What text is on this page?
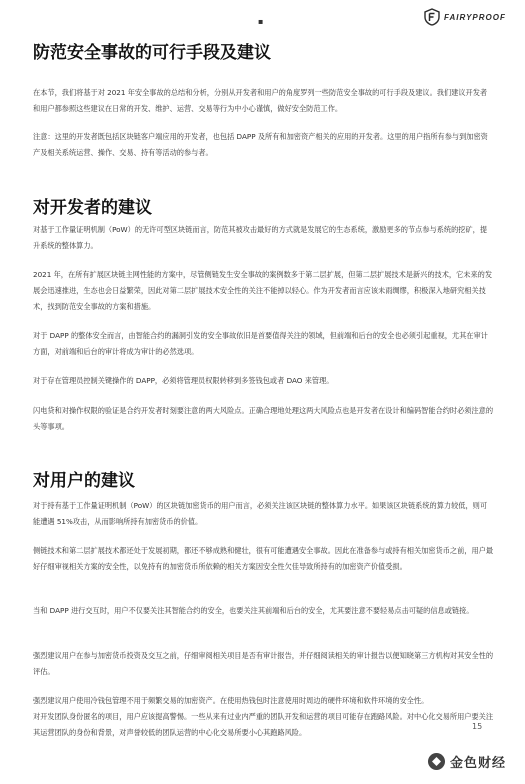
▪	FAIRYPROOF
防范安全事故的可行手段及建议

在本节，我们将基于对 2021 年安全事故的总结和分析，分别从开发者和用户的角度罗列一些防范安全事故的可行手段及建议。我们建议开发者和用户都参照这些建议在日常的开发、维护、运营、交易等行为中小心谨慎，做好安全防范工作。

注意：这里的开发者既包括区块链客户端应用的开发者，也包括 DAPP 及所有和加密资产相关的应用的开发者。这里的用户指所有参与到加密资产及相关系统运营、操作、交易、持有等活动的参与者。

对开发者的建议

对基于工作量证明机制（PoW）的无许可型区块链而言，防范其被攻击最好的方式就是发展它的生态系统，激励更多的节点参与系统的挖矿，提升系统的整体算力。

2021 年，在所有扩展区块链主网性能的方案中，尽管侧链发生安全事故的案例数多于第二层扩展，但第二层扩展技术是新兴的技术，它未来的发展会迅速推进，生态也会日益繁荣，因此对第二层扩展技术安全性的关注不能掉以轻心。作为开发者而言应该未雨绸缪，积极深入地研究相关技术，找到防范安全事故的方案和措施。

对于 DAPP 的整体安全而言，由智能合约的漏洞引发的安全事故依旧是首要值得关注的领域，但前端和后台的安全也必须引起重视，尤其在审计方面，对前端和后台的审计将成为审计的必然选项。

对于存在管理员控制关键操作的 DAPP，必须将管理员权限转移到多签钱包或者 DAO 来管理。

闪电贷和对操作权限的验证是合约开发者时刻要注意的两大风险点。正确合理地处理这两大风险点也是开发者在设计和编码智能合约时必须注意的头等事项。

对用户的建议

对于持有基于工作量证明机制（PoW）的区块链加密货币的用户而言，必须关注该区块链的整体算力水平。如果该区块链系统的算力较低，则可能遭遇 51%攻击，从而影响所持有加密货币的价值。

侧链技术和第二层扩展技术都还处于发展初期，都还不够成熟和健壮，很有可能遭遇安全事故。因此在准备参与或持有相关加密货币之前，用户最好仔细审视相关方案的安全性，以免持有的加密货币所依赖的相关方案因安全性欠佳导致所持有的加密资产价值受损。

当和 DAPP 进行交互时，用户不仅要关注其智能合约的安全，也要关注其前端和后台的安全，尤其要注意不要轻易点击可疑的信息或链接。

强烈建议用户在参与加密货币投资及交互之前，仔细审阅相关项目是否有审计报告，并仔细阅读相关的审计报告以便知晓第三方机构对其安全性的评估。

强烈建议用户使用冷钱包管理不用于频繁交易的加密资产。在使用热钱包时注意使用时周边的硬件环境和软件环境的安全性。

对开发团队身份匿名的项目，用户应该提高警惕。一些从来有过业内严重的团队开发和运营的项目可能存在跑路风险。对中心化交易所用户要关注其运营团队的身份和背景，对声誉较低的团队运营的中心化交易所要小心其跑路风险。

15
金色财经
